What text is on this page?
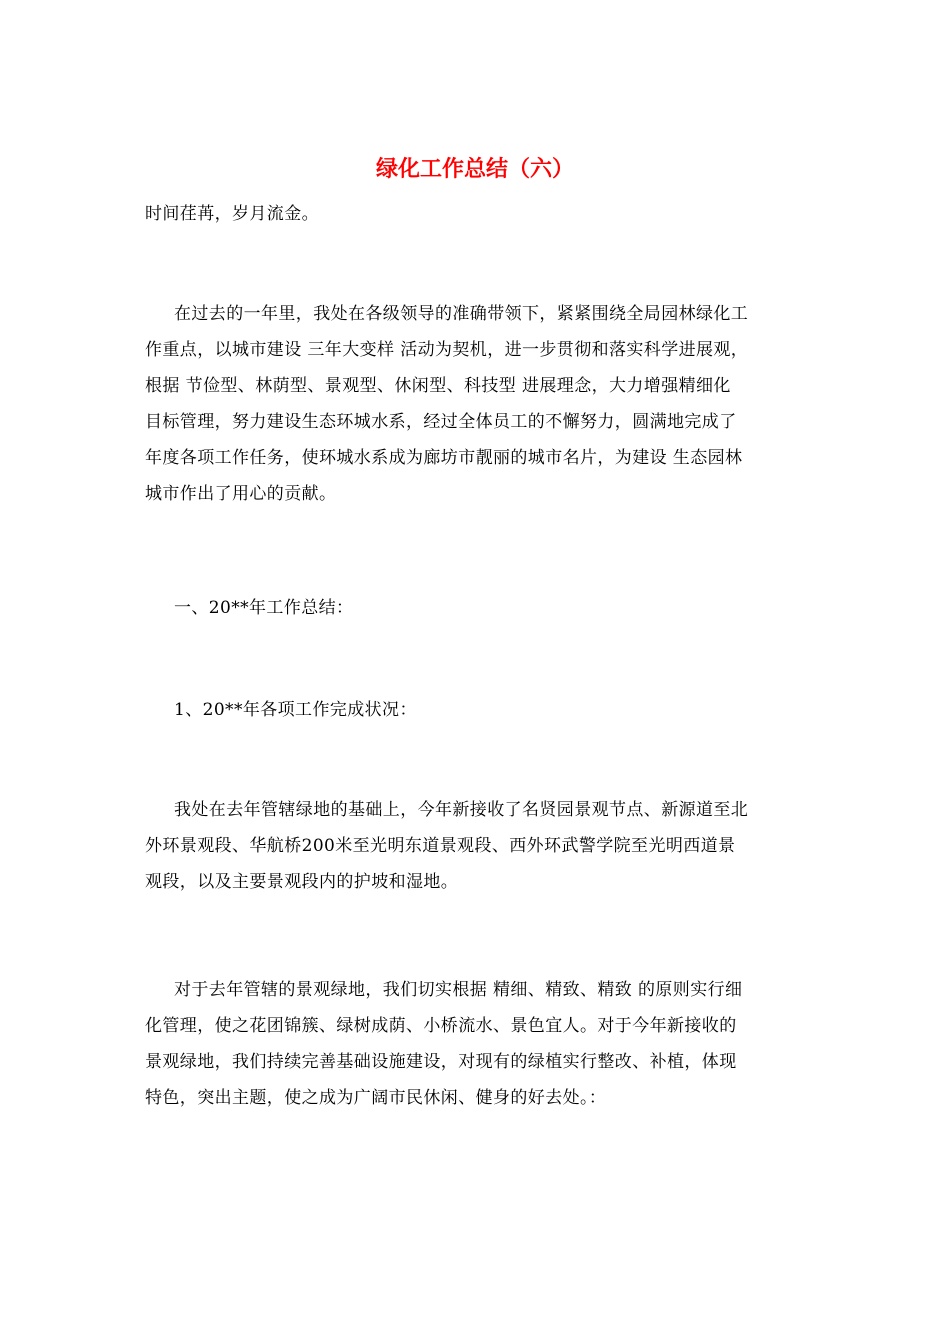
绿化工作总结（六）
时间荏苒，岁月流金。
在过去的一年里，我处在各级领导的准确带领下，紧紧围绕全局园林绿化工
作重点，以城市建设 三年大变样 活动为契机，进一步贯彻和落实科学进展观，
根据 节俭型、林荫型、景观型、休闲型、科技型 进展理念，大力增强精细化
目标管理，努力建设生态环城水系，经过全体员工的不懈努力，圆满地完成了
年度各项工作任务，使环城水系成为廊坊市靓丽的城市名片，为建设 生态园林
城市作出了用心的贡献。
一、20**年工作总结：
1、20**年各项工作完成状况：
我处在去年管辖绿地的基础上，今年新接收了名贤园景观节点、新源道至北
外环景观段、华航桥200米至光明东道景观段、西外环武警学院至光明西道景
观段，以及主要景观段内的护坡和湿地。
对于去年管辖的景观绿地，我们切实根据 精细、精致、精致 的原则实行细
化管理，使之花团锦簇、绿树成荫、小桥流水、景色宜人。对于今年新接收的
景观绿地，我们持续完善基础设施建设，对现有的绿植实行整改、补植，体现
特色，突出主题，使之成为广阔市民休闲、健身的好去处。：
